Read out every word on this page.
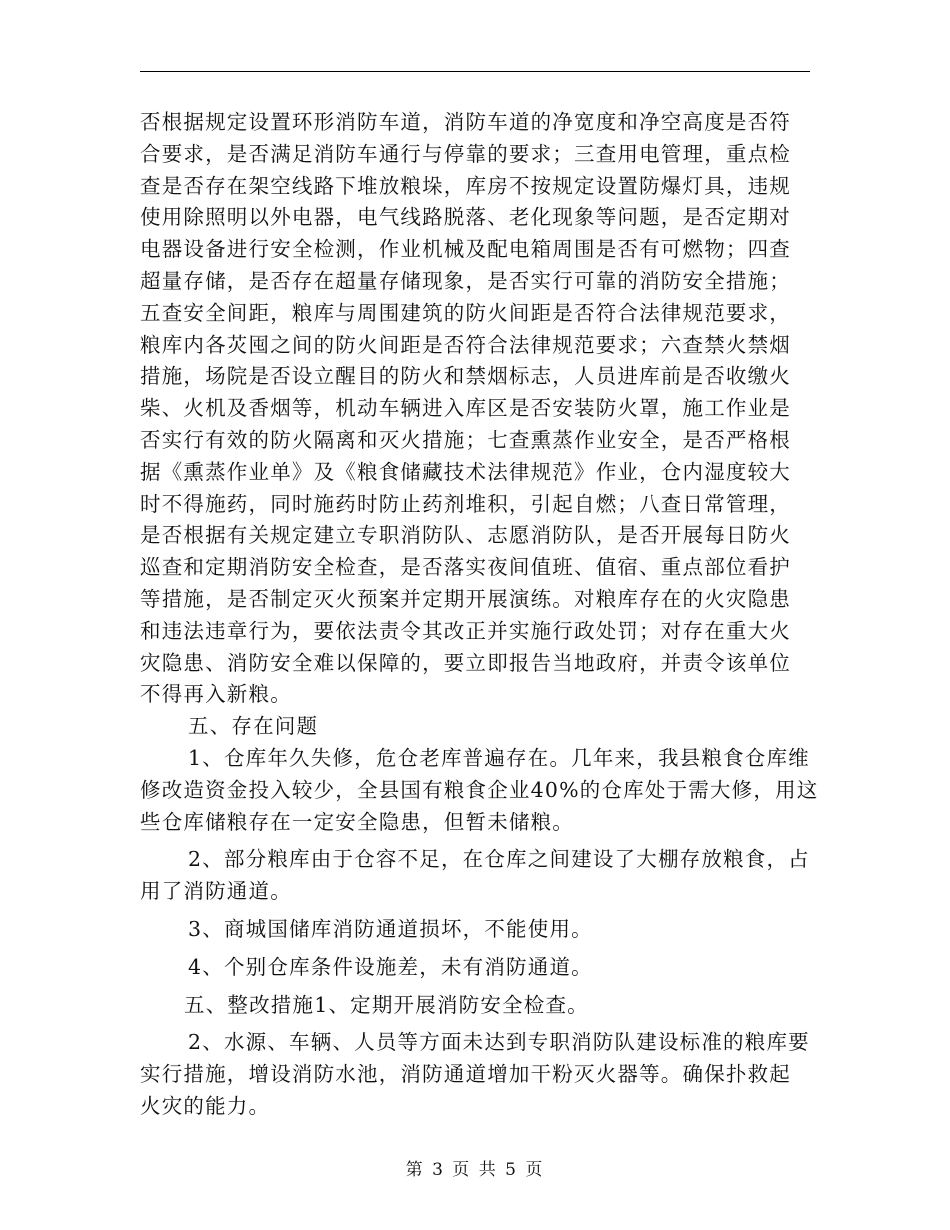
否根据规定设置环形消防车道，消防车道的净宽度和净空高度是否符
合要求，是否满足消防车通行与停靠的要求；三查用电管理，重点检
查是否存在架空线路下堆放粮垛，库房不按规定设置防爆灯具，违规
使用除照明以外电器，电气线路脱落、老化现象等问题，是否定期对
电器设备进行安全检测，作业机械及配电箱周围是否有可燃物；四查
超量存储，是否存在超量存储现象，是否实行可靠的消防安全措施；
五查安全间距，粮库与周围建筑的防火间距是否符合法律规范要求，
粮库内各苂囤之间的防火间距是否符合法律规范要求；六查禁火禁烟
措施，场院是否设立醒目的防火和禁烟标志，人员进库前是否收缴火
柴、火机及香烟等，机动车辆进入库区是否安装防火罩，施工作业是
否实行有效的防火隔离和灭火措施；七查熏蒸作业安全，是否严格根
据《熏蒸作业单》及《粮食储藏技术法律规范》作业，仓内湿度较大
时不得施药，同时施药时防止药剂堆积，引起自燃；八查日常管理，
是否根据有关规定建立专职消防队、志愿消防队，是否开展每日防火
巡查和定期消防安全检查，是否落实夜间值班、值宿、重点部位看护
等措施，是否制定灭火预案并定期开展演练。对粮库存在的火灾隐患
和违法违章行为，要依法责令其改正并实施行政处罚；对存在重大火
灾隐患、消防安全难以保障的，要立即报告当地政府，并责令该单位
不得再入新粮。
五、存在问题
1、仓库年久失修，危仓老库普遍存在。几年来，我县粮食仓库维
修改造资金投入较少，全县国有粮食企业40%的仓库处于需大修，用这
些仓库储粮存在一定安全隐患，但暂未储粮。
2、部分粮库由于仓容不足，在仓库之间建设了大棚存放粮食，占
用了消防通道。
3、商城国储库消防通道损坏，不能使用。
4、个别仓库条件设施差，未有消防通道。
五、整改措施1、定期开展消防安全检查。
2、水源、车辆、人员等方面未达到专职消防队建设标准的粮库要
实行措施，增设消防水池，消防通道增加干粉灭火器等。确保扑救起
火灾的能力。
第 3 页 共 5 页
